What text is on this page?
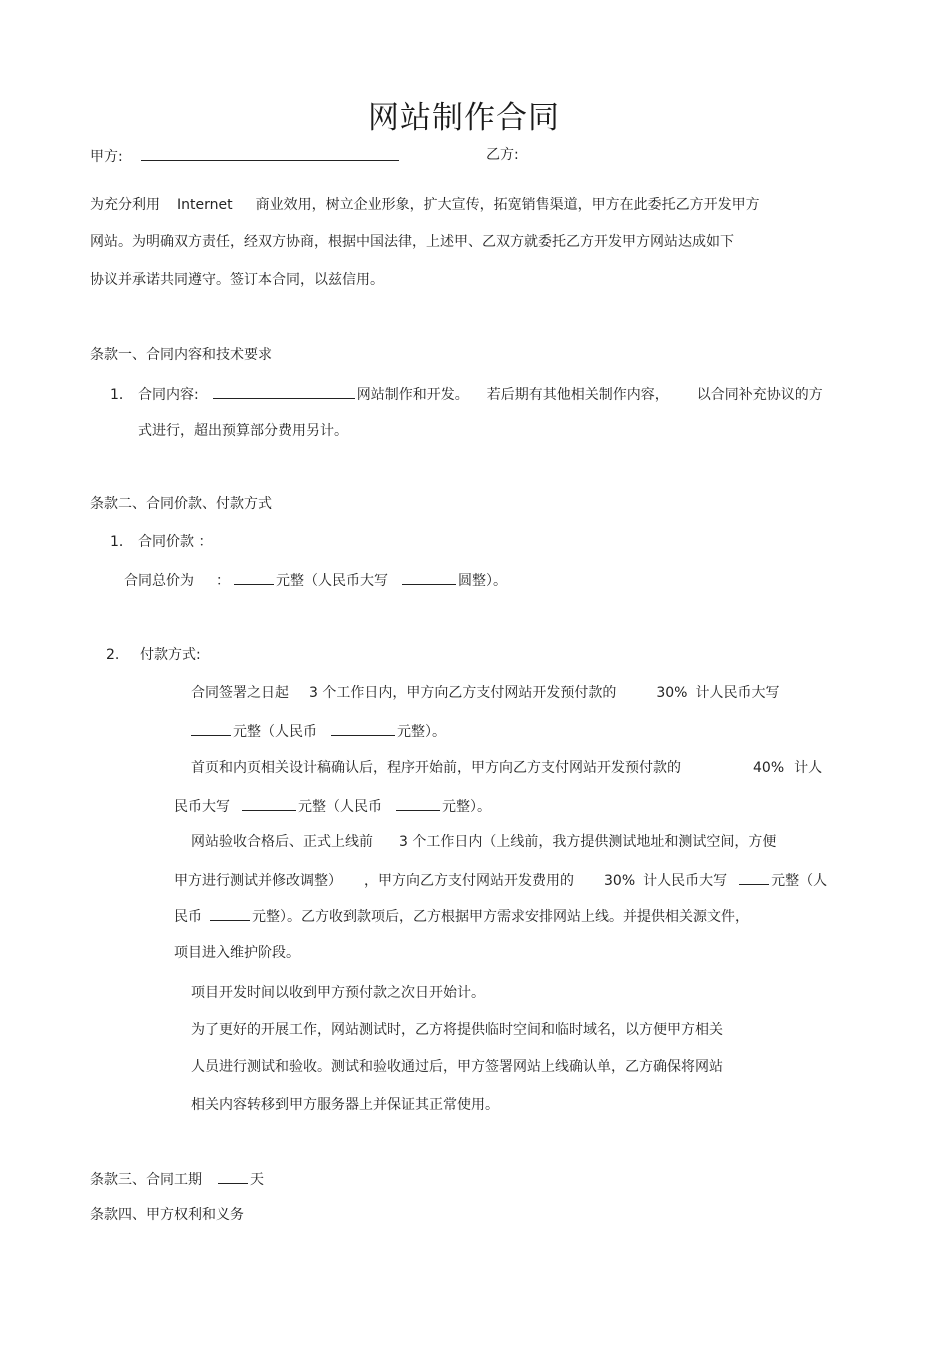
网站制作合同
甲方:	乙方:
为充分利用 Internet 商业效用，树立企业形象，扩大宣传，拓宽销售渠道，甲方在此委托乙方开发甲方
网站。为明确双方责任，经双方协商，根据中国法律，上述甲、乙双方就委托乙方开发甲方网站达成如下
协议并承诺共同遵守。签订本合同，以兹信用。
条款一、合同内容和技术要求
1． 合同内容:	网站制作和开发。 若后期有其他相关制作内容， 以合同补充协议的方
式进行，超出预算部分费用另计。
条款二、合同价款、付款方式
1． 合同价款 ：
合同总价为 ：	元整（人民币大写	圆整）。
2. 付款方式:
合同签署之日起 3 个工作日内，甲方向乙方支付网站开发预付款的	30% 计人民币大写
元整（人民币	元整）。
首页和内页相关设计稿确认后，程序开始前，甲方向乙方支付网站开发预付款的	40% 计人
民币大写	元整（人民币	元整）。
网站验收合格后、正式上线前 3 个工作日内（上线前，我方提供测试地址和测试空间，方便
甲方进行测试并修改调整） ，甲方向乙方支付网站开发费用的 30% 计人民币大写	元整（人
民币	元整）。乙方收到款项后，乙方根据甲方需求安排网站上线。并提供相关源文件，
项目进入维护阶段。
项目开发时间以收到甲方预付款之次日开始计。
为了更好的开展工作，网站测试时，乙方将提供临时空间和临时域名，以方便甲方相关
人员进行测试和验收。测试和验收通过后，甲方签署网站上线确认单，乙方确保将网站
相关内容转移到甲方服务器上并保证其正常使用。
条款三、合同工期	天
条款四、甲方权利和义务
